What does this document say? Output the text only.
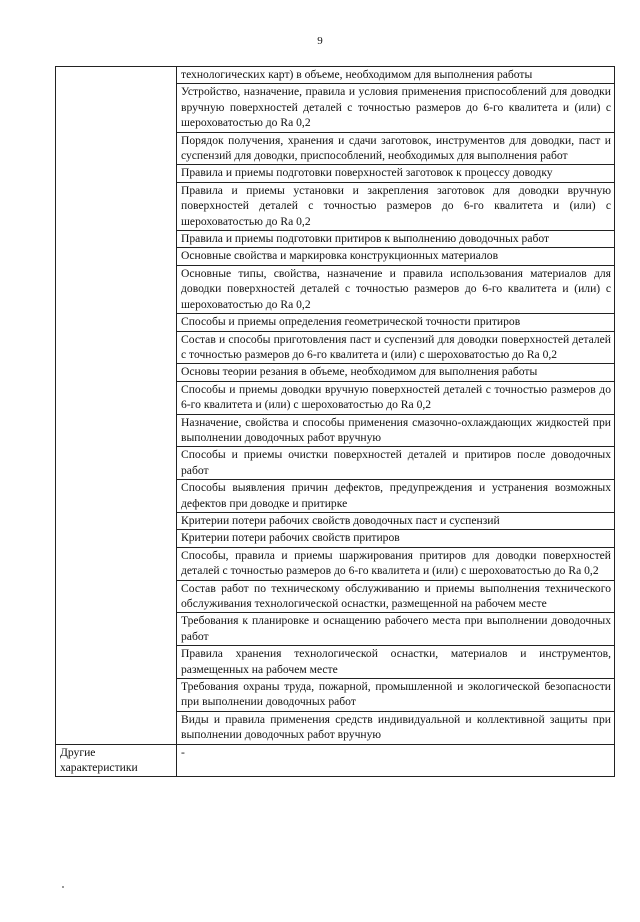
9
	технологических карт) в объеме, необходимом для выполнения работы
	Устройство, назначение, правила и условия применения приспособлений для доводки вручную поверхностей деталей с точностью размеров до 6-го квалитета и (или) с шероховатостью до Ra 0,2
	Порядок получения, хранения и сдачи заготовок, инструментов для доводки, паст и суспензий для доводки, приспособлений, необходимых для выполнения работ
	Правила и приемы подготовки поверхностей заготовок к процессу доводку
	Правила и приемы установки и закрепления заготовок для доводки вручную поверхностей деталей с точностью размеров до 6-го квалитета и (или) с шероховатостью до Ra 0,2
	Правила и приемы подготовки притиров к выполнению доводочных работ
	Основные свойства и маркировка конструкционных материалов
	Основные типы, свойства, назначение и правила использования материалов для доводки поверхностей деталей с точностью размеров до 6-го квалитета и (или) с шероховатостью до Ra 0,2
	Способы и приемы определения геометрической точности притиров
	Состав и способы приготовления паст и суспензий для доводки поверхностей деталей с точностью размеров до 6-го квалитета и (или) с шероховатостью до Ra 0,2
	Основы теории резания в объеме, необходимом для выполнения работы
	Способы и приемы доводки вручную поверхностей деталей с точностью размеров до 6-го квалитета и (или) с шероховатостью до Ra 0,2
	Назначение, свойства и способы применения смазочно-охлаждающих жидкостей при выполнении доводочных работ вручную
	Способы и приемы очистки поверхностей деталей и притиров после доводочных работ
	Способы выявления причин дефектов, предупреждения и устранения возможных дефектов при доводке и притирке
	Критерии потери рабочих свойств доводочных паст и суспензий
	Критерии потери рабочих свойств притиров
	Способы, правила и приемы шаржирования притиров для доводки поверхностей деталей с точностью размеров до 6-го квалитета и (или) с шероховатостью до Ra 0,2
	Состав работ по техническому обслуживанию и приемы выполнения технического обслуживания технологической оснастки, размещенной на рабочем месте
	Требования к планировке и оснащению рабочего места при выполнении доводочных работ
	Правила хранения технологической оснастки, материалов и инструментов, размещенных на рабочем месте
	Требования охраны труда, пожарной, промышленной и экологической безопасности при выполнении доводочных работ
	Виды и правила применения средств индивидуальной и коллективной защиты при выполнении доводочных работ вручную
Другие характеристики	-
